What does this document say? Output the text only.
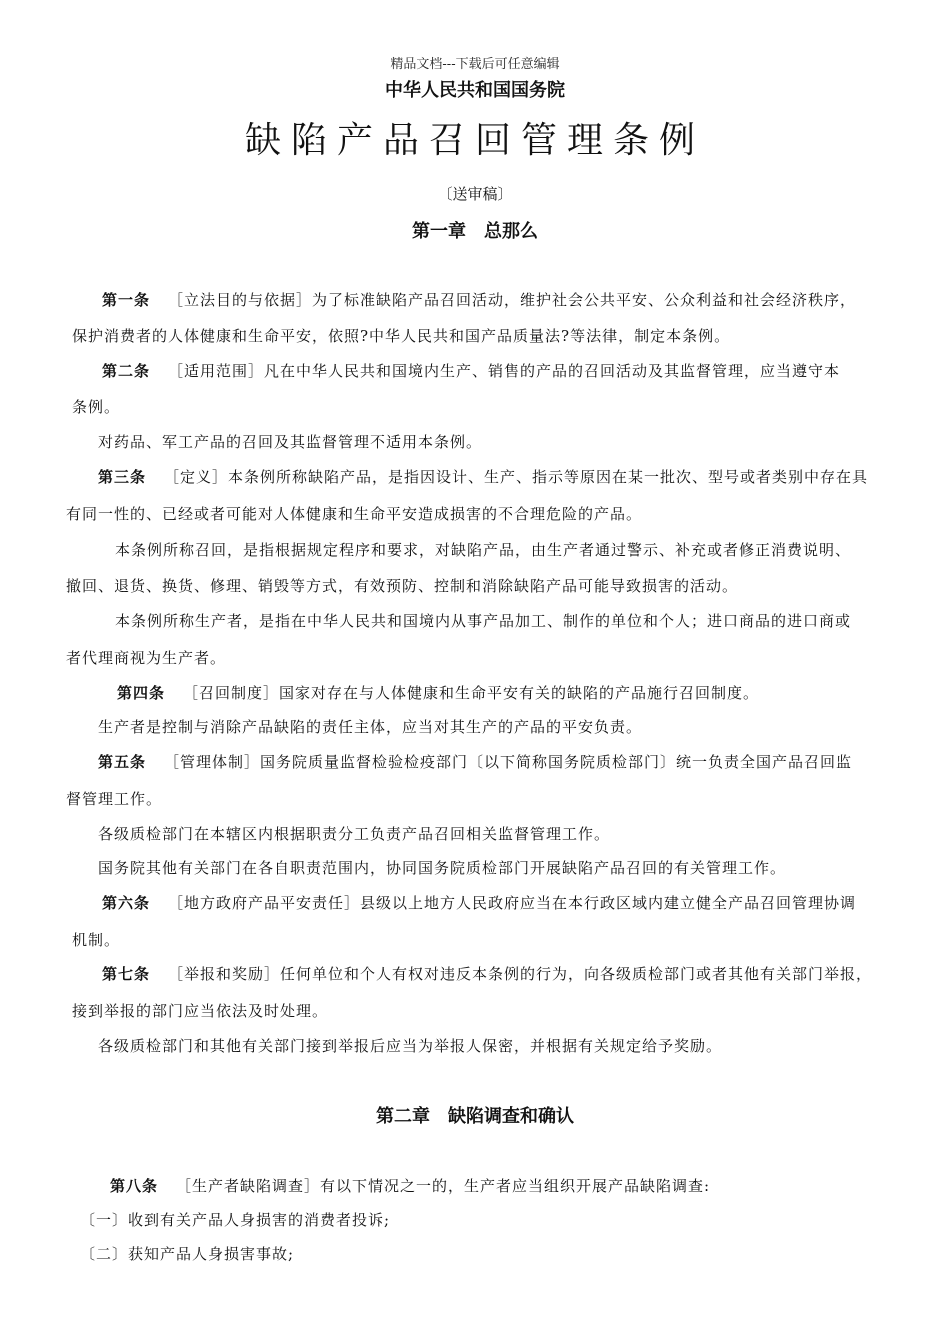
精品文档---下载后可任意编辑
中华人民共和国国务院
缺陷产品召回管理条例
〔送审稿〕
第一章　总那么
第一条 ［立法目的与依据］为了标准缺陷产品召回活动，维护社会公共平安、公众利益和社会经济秩序，
保护消费者的人体健康和生命平安，依照?中华人民共和国产品质量法?等法律，制定本条例。
第二条 ［适用范围］凡在中华人民共和国境内生产、销售的产品的召回活动及其监督管理，应当遵守本
条例。
对药品、军工产品的召回及其监督管理不适用本条例。
第三条 ［定义］本条例所称缺陷产品，是指因设计、生产、指示等原因在某一批次、型号或者类别中存在具
有同一性的、已经或者可能对人体健康和生命平安造成损害的不合理危险的产品。
本条例所称召回，是指根据规定程序和要求，对缺陷产品，由生产者通过警示、补充或者修正消费说明、
撤回、退货、换货、修理、销毁等方式，有效预防、控制和消除缺陷产品可能导致损害的活动。
本条例所称生产者，是指在中华人民共和国境内从事产品加工、制作的单位和个人；进口商品的进口商或
者代理商视为生产者。
第四条 ［召回制度］国家对存在与人体健康和生命平安有关的缺陷的产品施行召回制度。
生产者是控制与消除产品缺陷的责任主体，应当对其生产的产品的平安负责。
第五条 ［管理体制］国务院质量监督检验检疫部门〔以下简称国务院质检部门〕统一负责全国产品召回监
督管理工作。
各级质检部门在本辖区内根据职责分工负责产品召回相关监督管理工作。
国务院其他有关部门在各自职责范围内，协同国务院质检部门开展缺陷产品召回的有关管理工作。
第六条 ［地方政府产品平安责任］县级以上地方人民政府应当在本行政区域内建立健全产品召回管理协调
机制。
第七条 ［举报和奖励］任何单位和个人有权对违反本条例的行为，向各级质检部门或者其他有关部门举报，
接到举报的部门应当依法及时处理。
各级质检部门和其他有关部门接到举报后应当为举报人保密，并根据有关规定给予奖励。
第二章　缺陷调查和确认
第八条 ［生产者缺陷调查］有以下情况之一的，生产者应当组织开展产品缺陷调查:
〔一〕收到有关产品人身损害的消费者投诉;
〔二〕获知产品人身损害事故;
